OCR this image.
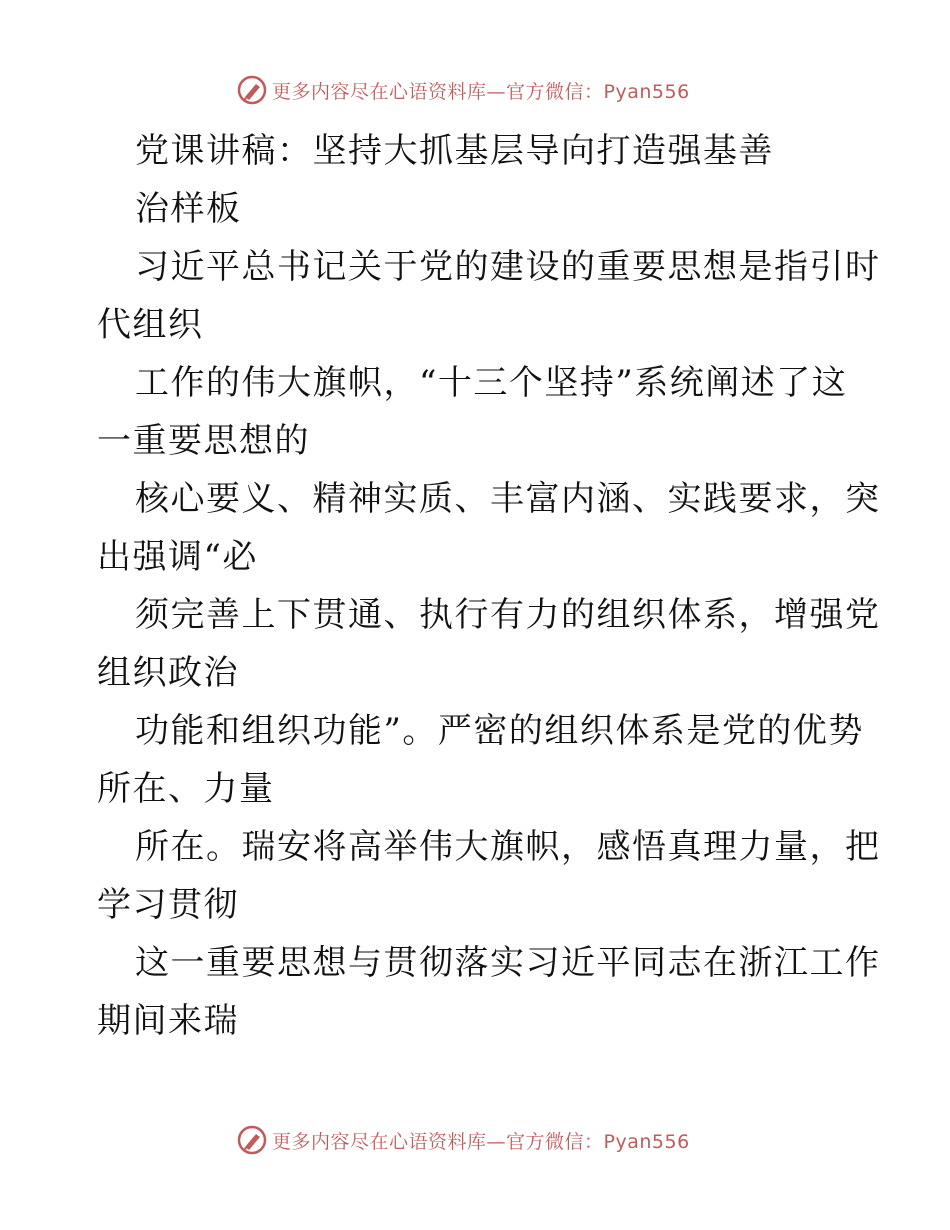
更多内容尽在心语资料库— 官方微信：Pyan556
党课讲稿：坚持大抓基层导向打造强基善
治样板
习近平总书记关于党的建设的重要思想是指引时
代组织
工作的伟大旗帜，“十三个坚持”系统阐述了这
一重要思想的
核心要义、精神实质、丰富内涵、实践要求，突
出强调“必
须完善上下贯通、执行有力的组织体系，增强党
组织政治
功能和组织功能”。严密的组织体系是党的优势
所在、力量
所在。瑞安将高举伟大旗帜，感悟真理力量，把
学习贯彻
这一重要思想与贯彻落实习近平同志在浙江工作
期间来瑞
更多内容尽在心语资料库— 官方微信：Pyan556
